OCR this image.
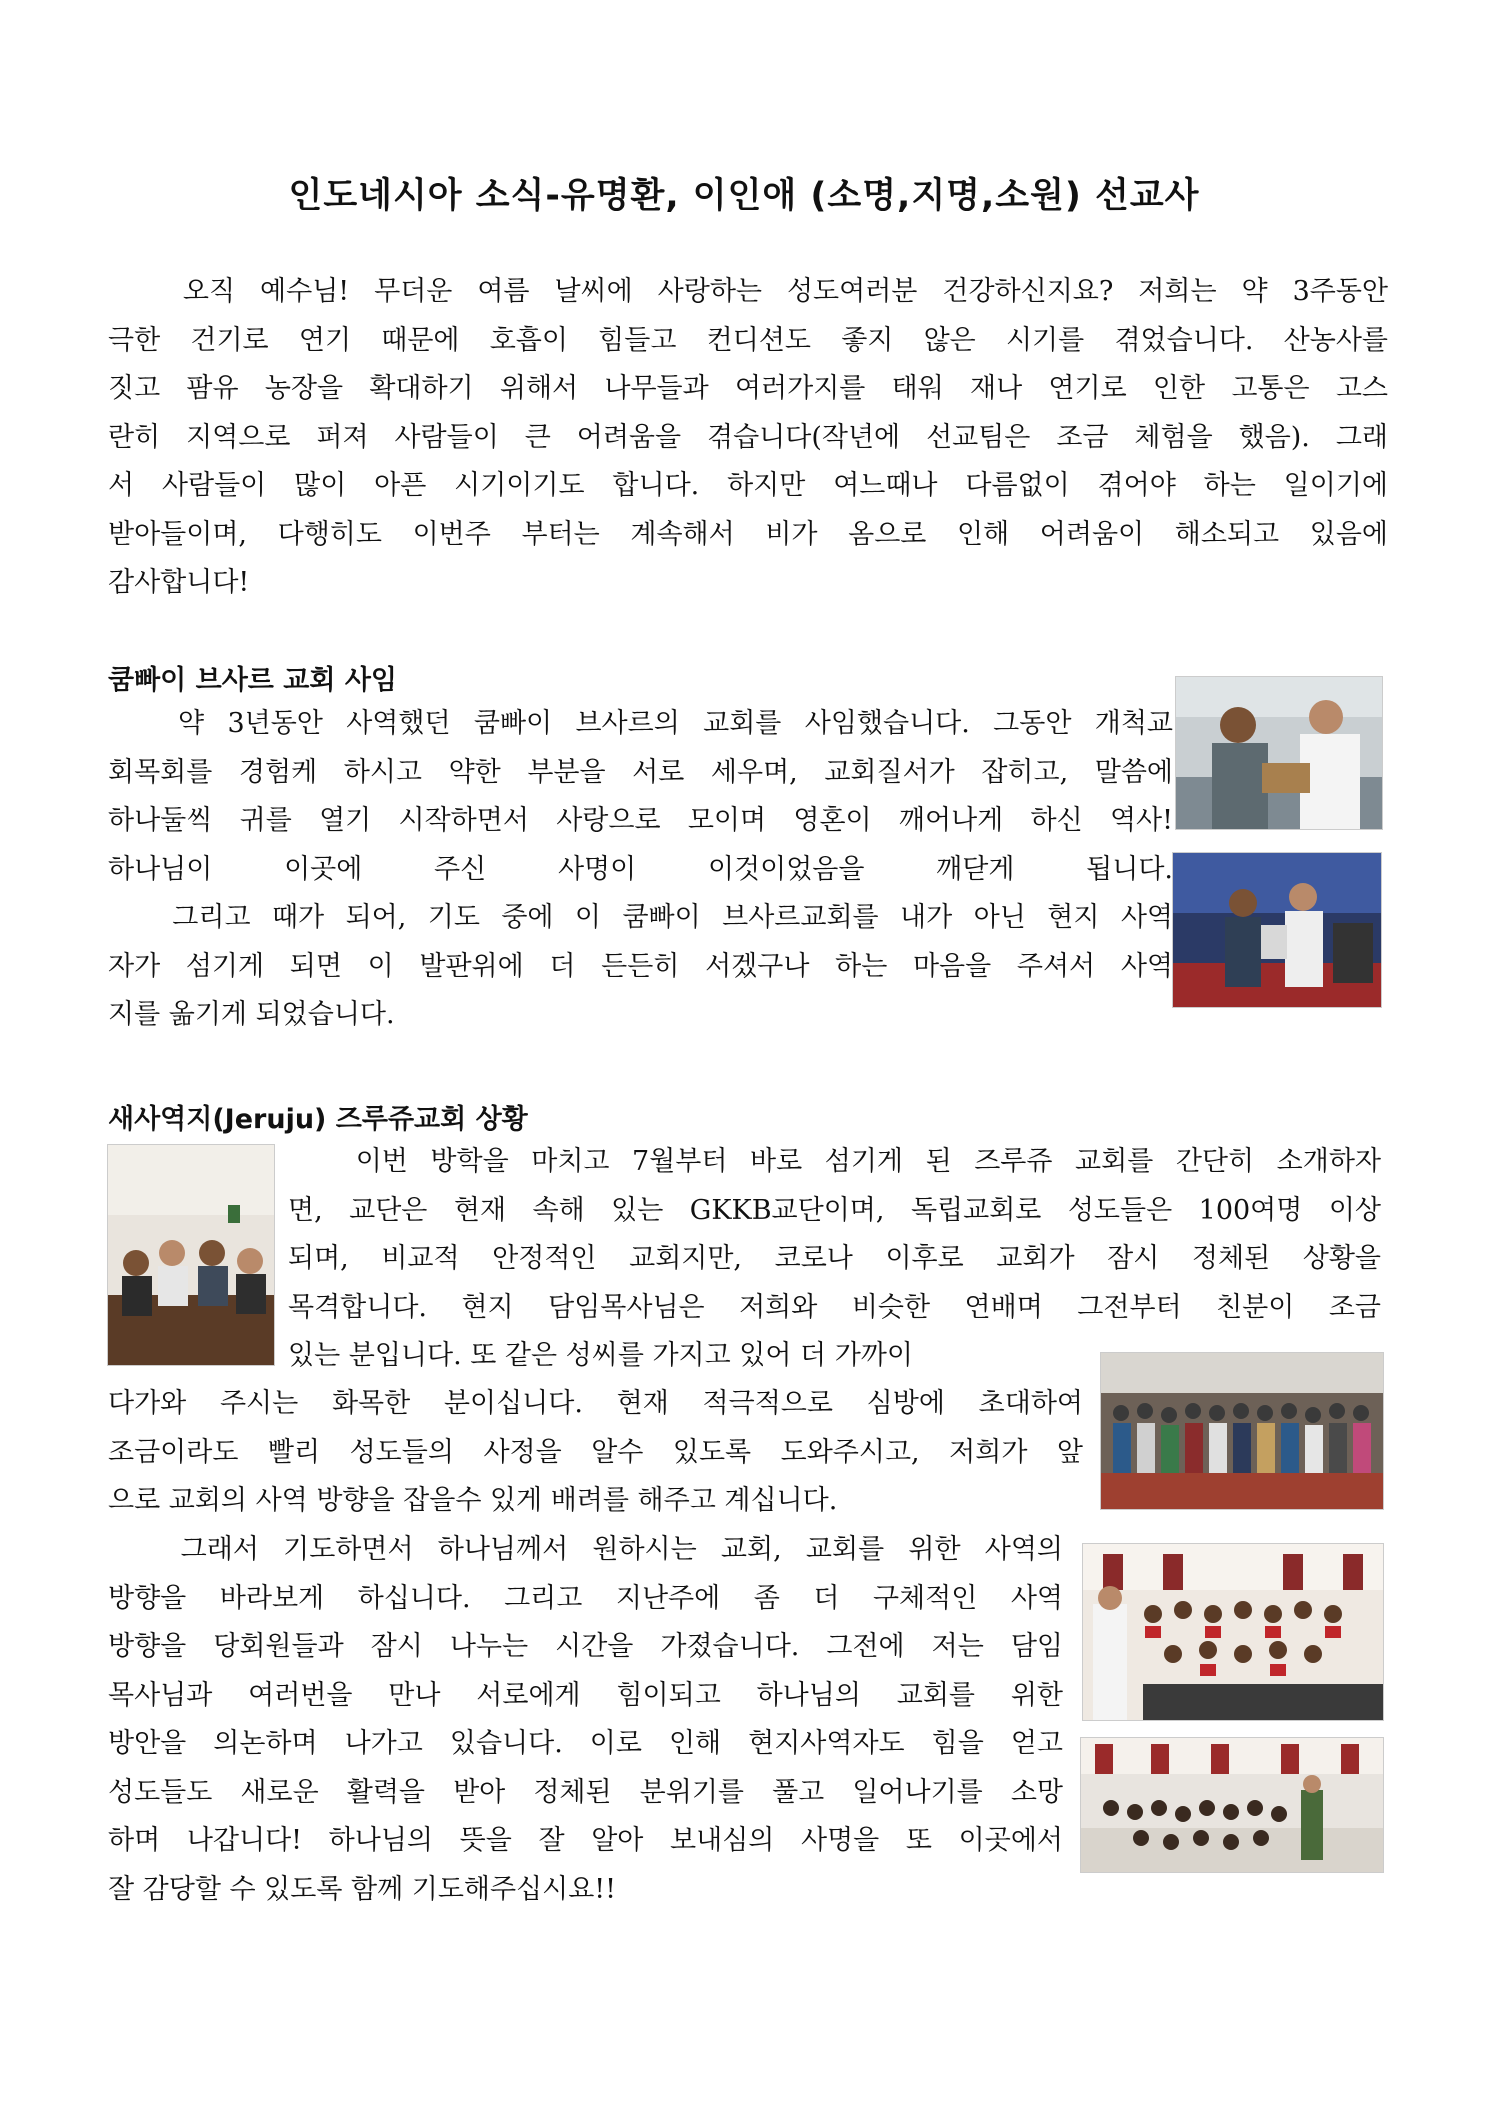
인도네시아 소식-유명환, 이인애 (소명,지명,소원) 선교사
오직 예수님! 무더운 여름 날씨에 사랑하는 성도여러분 건강하신지요? 저희는 약 3주동안
극한 건기로 연기 때문에 호흡이 힘들고 컨디션도 좋지 않은 시기를 겪었습니다. 산농사를
짓고 팜유 농장을 확대하기 위해서 나무들과 여러가지를 태워 재나 연기로 인한 고통은 고스
란히 지역으로 퍼져 사람들이 큰 어려움을 겪습니다(작년에 선교팀은 조금 체험을 했음). 그래
서 사람들이 많이 아픈 시기이기도 합니다. 하지만 여느때나 다름없이 겪어야 하는 일이기에
받아들이며, 다행히도 이번주 부터는 계속해서 비가 옴으로 인해 어려움이 해소되고 있음에
감사합니다!
쿰빠이 브사르 교회 사임
약 3년동안 사역했던 쿰빠이 브사르의 교회를 사임했습니다. 그동안 개척교
회목회를 경험케 하시고 약한 부분을 서로 세우며, 교회질서가 잡히고, 말씀에
하나둘씩 귀를 열기 시작하면서 사랑으로 모이며 영혼이 깨어나게 하신 역사!
하나님이 이곳에 주신 사명이 이것이었음을 깨닫게 됩니다.
그리고 때가 되어, 기도 중에 이 쿰빠이 브사르교회를 내가 아닌 현지 사역
자가 섬기게 되면 이 발판위에 더 든든히 서겠구나 하는 마음을 주셔서 사역
지를 옮기게 되었습니다.
새사역지(Jeruju) 즈루쥬교회 상황
이번 방학을 마치고 7월부터 바로 섬기게 된 즈루쥬 교회를 간단히 소개하자
면, 교단은 현재 속해 있는 GKKB교단이며, 독립교회로 성도들은 100여명 이상
되며, 비교적 안정적인 교회지만, 코로나 이후로 교회가 잠시 정체된 상황을
목격합니다. 현지 담임목사님은 저희와 비슷한 연배며 그전부터 친분이 조금
있는 분입니다. 또 같은 성씨를 가지고 있어 더 가까이
다가와 주시는 화목한 분이십니다. 현재 적극적으로 심방에 초대하여
조금이라도 빨리 성도들의 사정을 알수 있도록 도와주시고, 저희가 앞
으로 교회의 사역 방향을 잡을수 있게 배려를 해주고 계십니다.
그래서 기도하면서 하나님께서 원하시는 교회, 교회를 위한 사역의
방향을 바라보게 하십니다. 그리고 지난주에 좀 더 구체적인 사역
방향을 당회원들과 잠시 나누는 시간을 가졌습니다. 그전에 저는 담임
목사님과 여러번을 만나 서로에게 힘이되고 하나님의 교회를 위한
방안을 의논하며 나가고 있습니다. 이로 인해 현지사역자도 힘을 얻고
성도들도 새로운 활력을 받아 정체된 분위기를 풀고 일어나기를 소망
하며 나갑니다! 하나님의 뜻을 잘 알아 보내심의 사명을 또 이곳에서
잘 감당할 수 있도록 함께 기도해주십시요!!
